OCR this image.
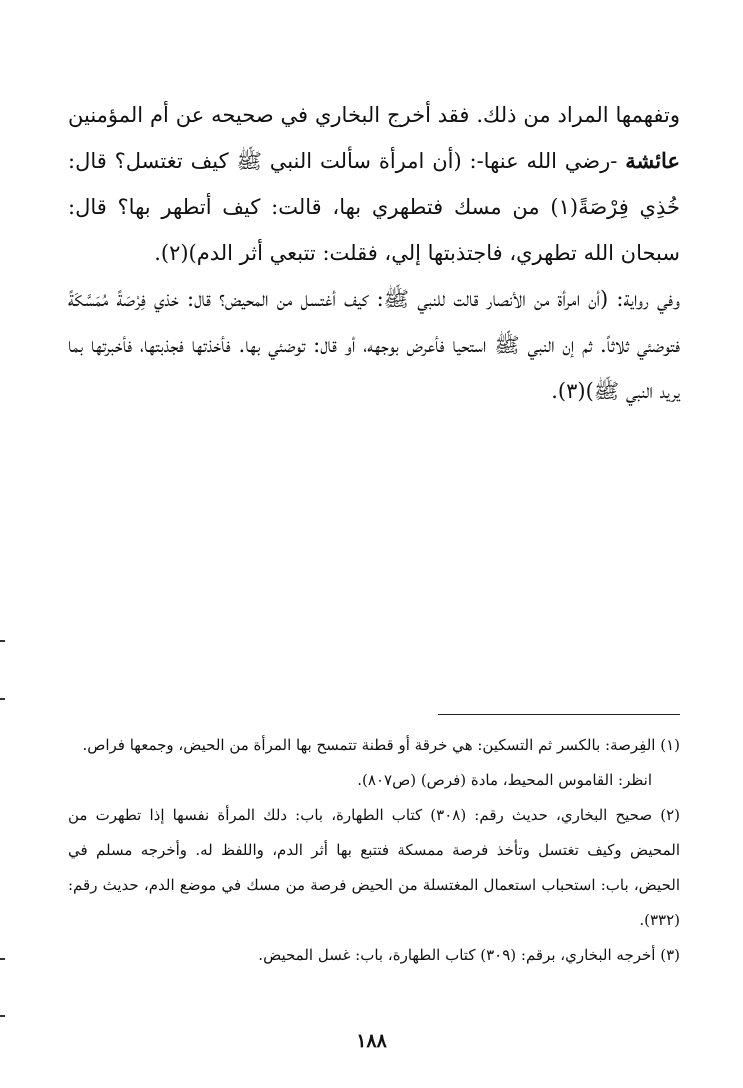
وتفهمها المراد من ذلك. فقد أخرج البخاري في صحيحه عن أم المؤمنين عائشة -رضي الله عنها-: (أن امرأة سألت النبي ﷺ كيف تغتسل؟ قال: خُذِي فِرْصَةً(١) من مسك فتطهري بها، قالت: كيف أتطهر بها؟ قال: سبحان الله تطهري، فاجتذبتها إلي، فقلت: تتبعي أثر الدم)(٢).

وفي رواية: (أن امرأة من الأنصار قالت للنبي ﷺ: كيف أغتسل من المحيض؟ قال: خذي فِرْصَةً مُمَسَّكَةً فتوضئي ثلاثاً. ثم إن النبي ﷺ استحيا فأعرض بوجهه، أو قال: توضئي بها. فأخذتها فجذبتها، فأخبرتها بما يريد النبي ﷺ)(٣).

(١) الفِرصة: بالكسر ثم التسكين: هي خرقة أو قطنة تتمسح بها المرأة من الحيض، وجمعها فراص.

انظر: القاموس المحيط، مادة (فرص) (ص٨٠٧).

(٢) صحيح البخاري، حديث رقم: (٣٠٨) كتاب الطهارة، باب: دلك المرأة نفسها إذا تطهرت من المحيض وكيف تغتسل وتأخذ فرصة ممسكة فتتبع بها أثر الدم، واللفظ له. وأخرجه مسلم في الحيض، باب: استحباب استعمال المغتسلة من الحيض فرصة من مسك في موضع الدم، حديث رقم: (٣٣٢).

(٣) أخرجه البخاري، برقم: (٣٠٩) كتاب الطهارة، باب: غسل المحيض.

١٨٨
